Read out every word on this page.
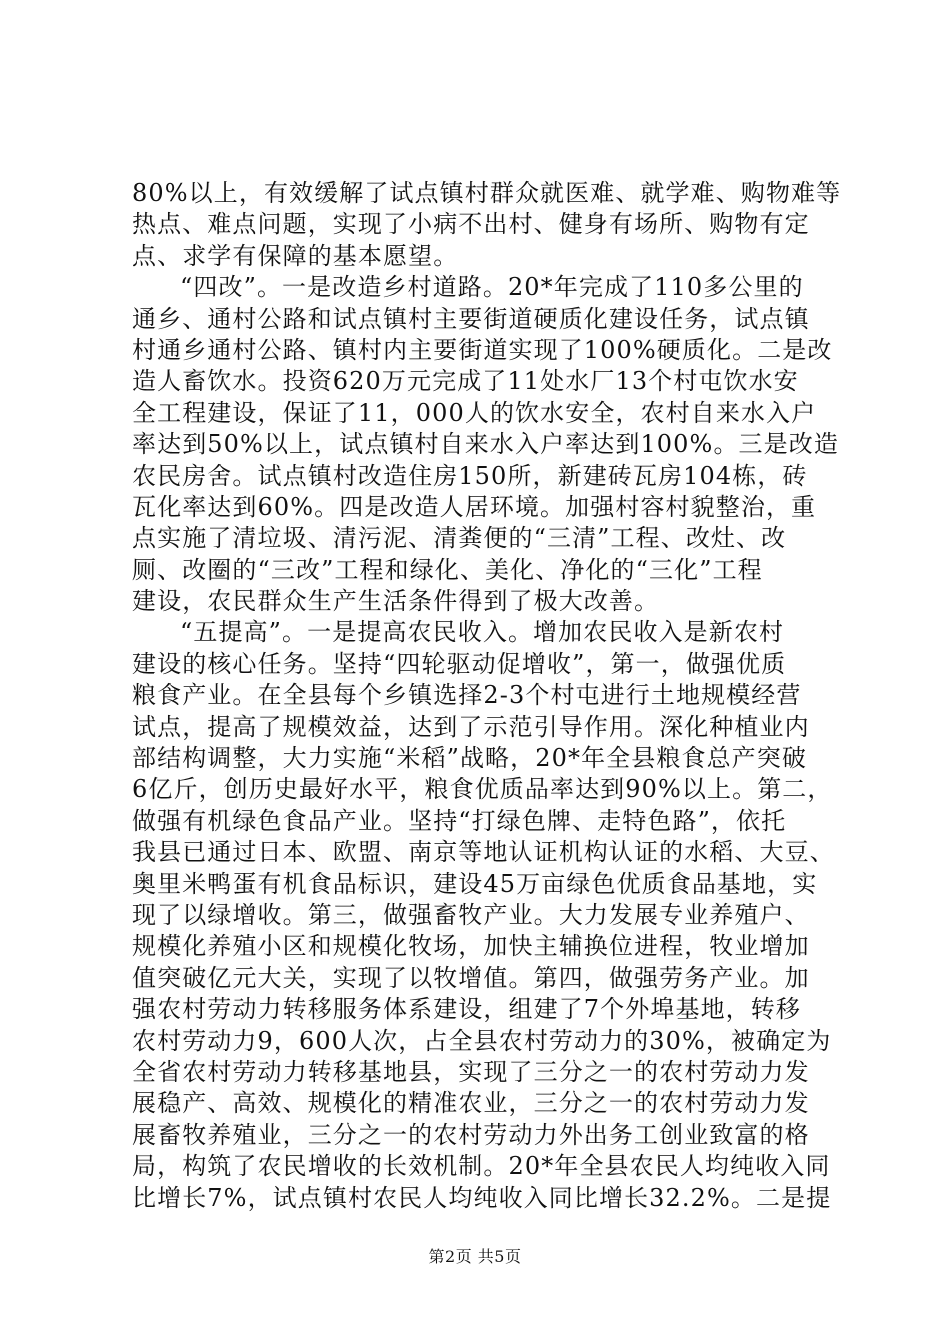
80%以上，有效缓解了试点镇村群众就医难、就学难、购物难等
热点、难点问题，实现了小病不出村、健身有场所、购物有定
点、求学有保障的基本愿望。
“四改”。一是改造乡村道路。20*年完成了110多公里的
通乡、通村公路和试点镇村主要街道硬质化建设任务，试点镇
村通乡通村公路、镇村内主要街道实现了100%硬质化。二是改
造人畜饮水。投资620万元完成了11处水厂13个村屯饮水安
全工程建设，保证了11，000人的饮水安全，农村自来水入户
率达到50%以上，试点镇村自来水入户率达到100%。三是改造
农民房舍。试点镇村改造住房150所，新建砖瓦房104栋，砖
瓦化率达到60%。四是改造人居环境。加强村容村貌整治，重
点实施了清垃圾、清污泥、清粪便的“三清”工程、改灶、改
厕、改圈的“三改”工程和绿化、美化、净化的“三化”工程
建设，农民群众生产生活条件得到了极大改善。
“五提高”。一是提高农民收入。增加农民收入是新农村
建设的核心任务。坚持“四轮驱动促增收”，第一，做强优质
粮食产业。在全县每个乡镇选择2-3个村屯进行土地规模经营
试点，提高了规模效益，达到了示范引导作用。深化种植业内
部结构调整，大力实施“米稻”战略，20*年全县粮食总产突破
6亿斤，创历史最好水平，粮食优质品率达到90%以上。第二，
做强有机绿色食品产业。坚持“打绿色牌、走特色路”，依托
我县已通过日本、欧盟、南京等地认证机构认证的水稻、大豆、
奥里米鸭蛋有机食品标识，建设45万亩绿色优质食品基地，实
现了以绿增收。第三，做强畜牧产业。大力发展专业养殖户、
规模化养殖小区和规模化牧场，加快主辅换位进程，牧业增加
值突破亿元大关，实现了以牧增值。第四，做强劳务产业。加
强农村劳动力转移服务体系建设，组建了7个外埠基地，转移
农村劳动力9，600人次，占全县农村劳动力的30%，被确定为
全省农村劳动力转移基地县，实现了三分之一的农村劳动力发
展稳产、高效、规模化的精准农业，三分之一的农村劳动力发
展畜牧养殖业，三分之一的农村劳动力外出务工创业致富的格
局，构筑了农民增收的长效机制。20*年全县农民人均纯收入同
比增长7%，试点镇村农民人均纯收入同比增长32.2%。二是提
第2页 共5页
